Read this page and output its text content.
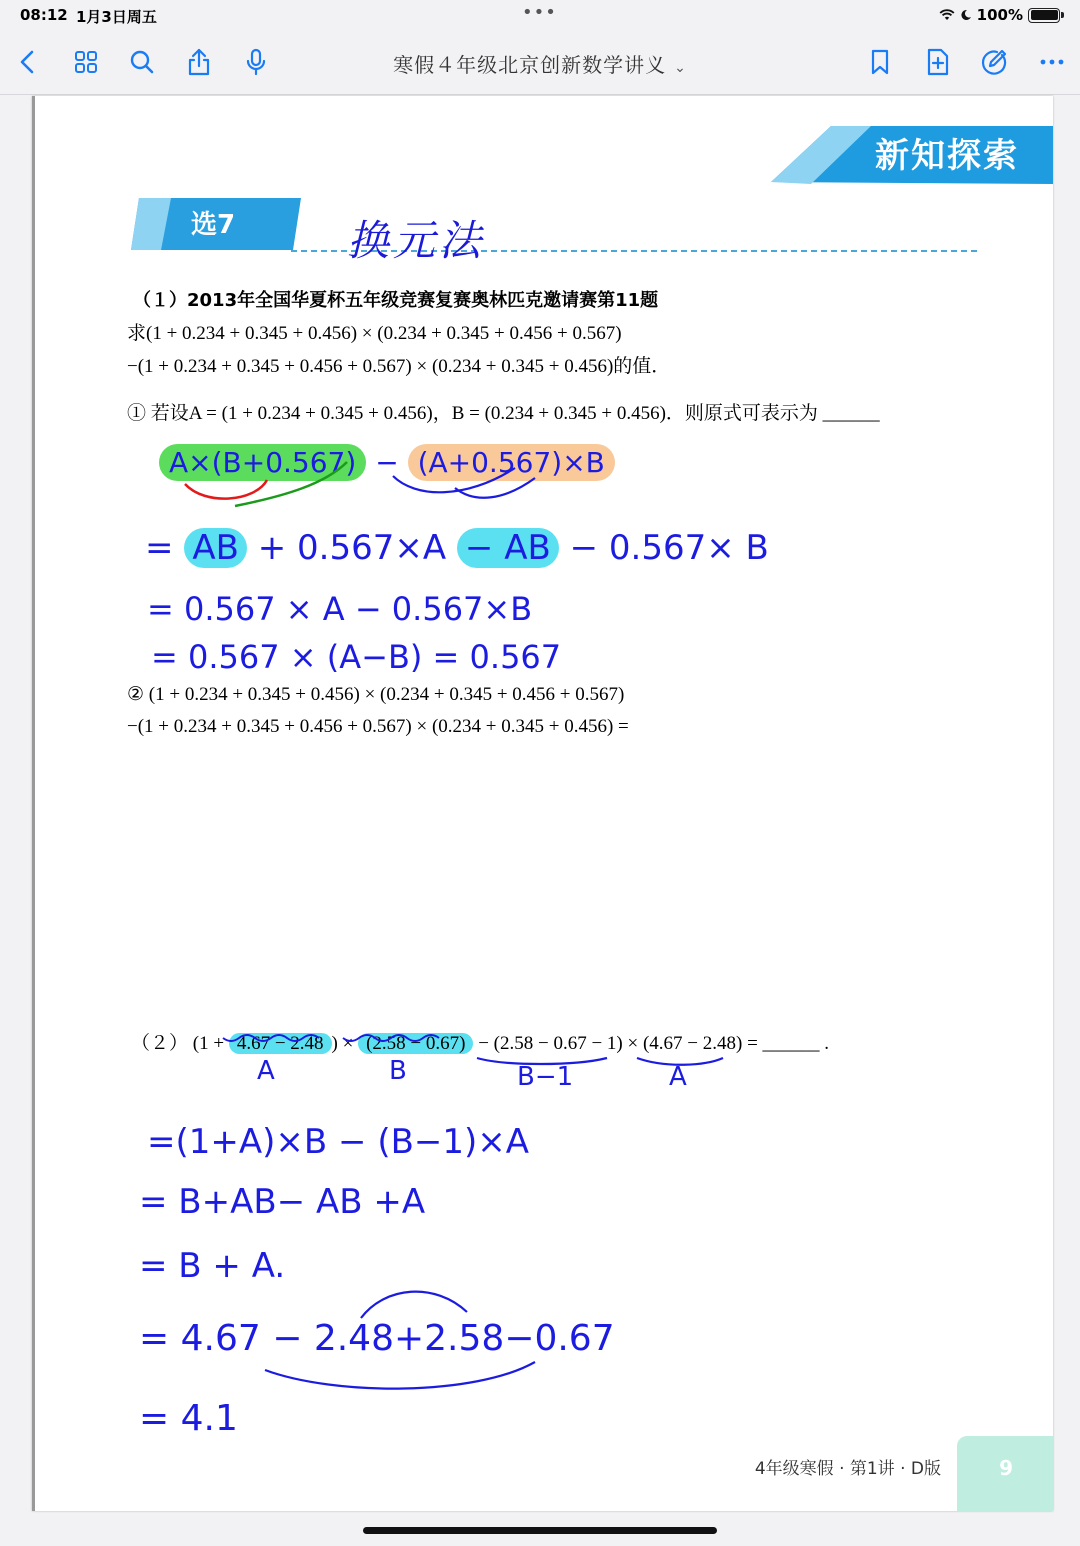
08:12 1月3日周五	•••	100%
寒假４年级北京创新数学讲义 ⌄
新知探索
选7	换元法
（１）2013年全国华夏杯五年级竞赛复赛奥林匹克邀请赛第11题
求(1 + 0.234 + 0.345 + 0.456) × (0.234 + 0.345 + 0.456 + 0.567)
−(1 + 0.234 + 0.345 + 0.456 + 0.567) × (0.234 + 0.345 + 0.456)的值．
① 若设A = (1 + 0.234 + 0.345 + 0.456)，B = (0.234 + 0.345 + 0.456)．则原式可表示为 ______
A×(B+0.567) − (A+0.567)×B
= AB + 0.567×A − AB − 0.567× B
= 0.567 × A − 0.567×B
= 0.567 × (A−B) = 0.567
② (1 + 0.234 + 0.345 + 0.456) × (0.234 + 0.345 + 0.456 + 0.567)
−(1 + 0.234 + 0.345 + 0.456 + 0.567) × (0.234 + 0.345 + 0.456) =
（２） (1 + 4.67 − 2.48 ) × (2.58 − 0.67) − (2.58 − 0.67 − 1) × (4.67 − 2.48) = ______ .
A	B	B−1	A
=(1+A)×B − (B−1)×A
= B+AB− AB +A
= B + A.
= 4.67 − 2.48+2.58−0.67
= 4.1
4年级寒假 · 第1讲 · D版	9
